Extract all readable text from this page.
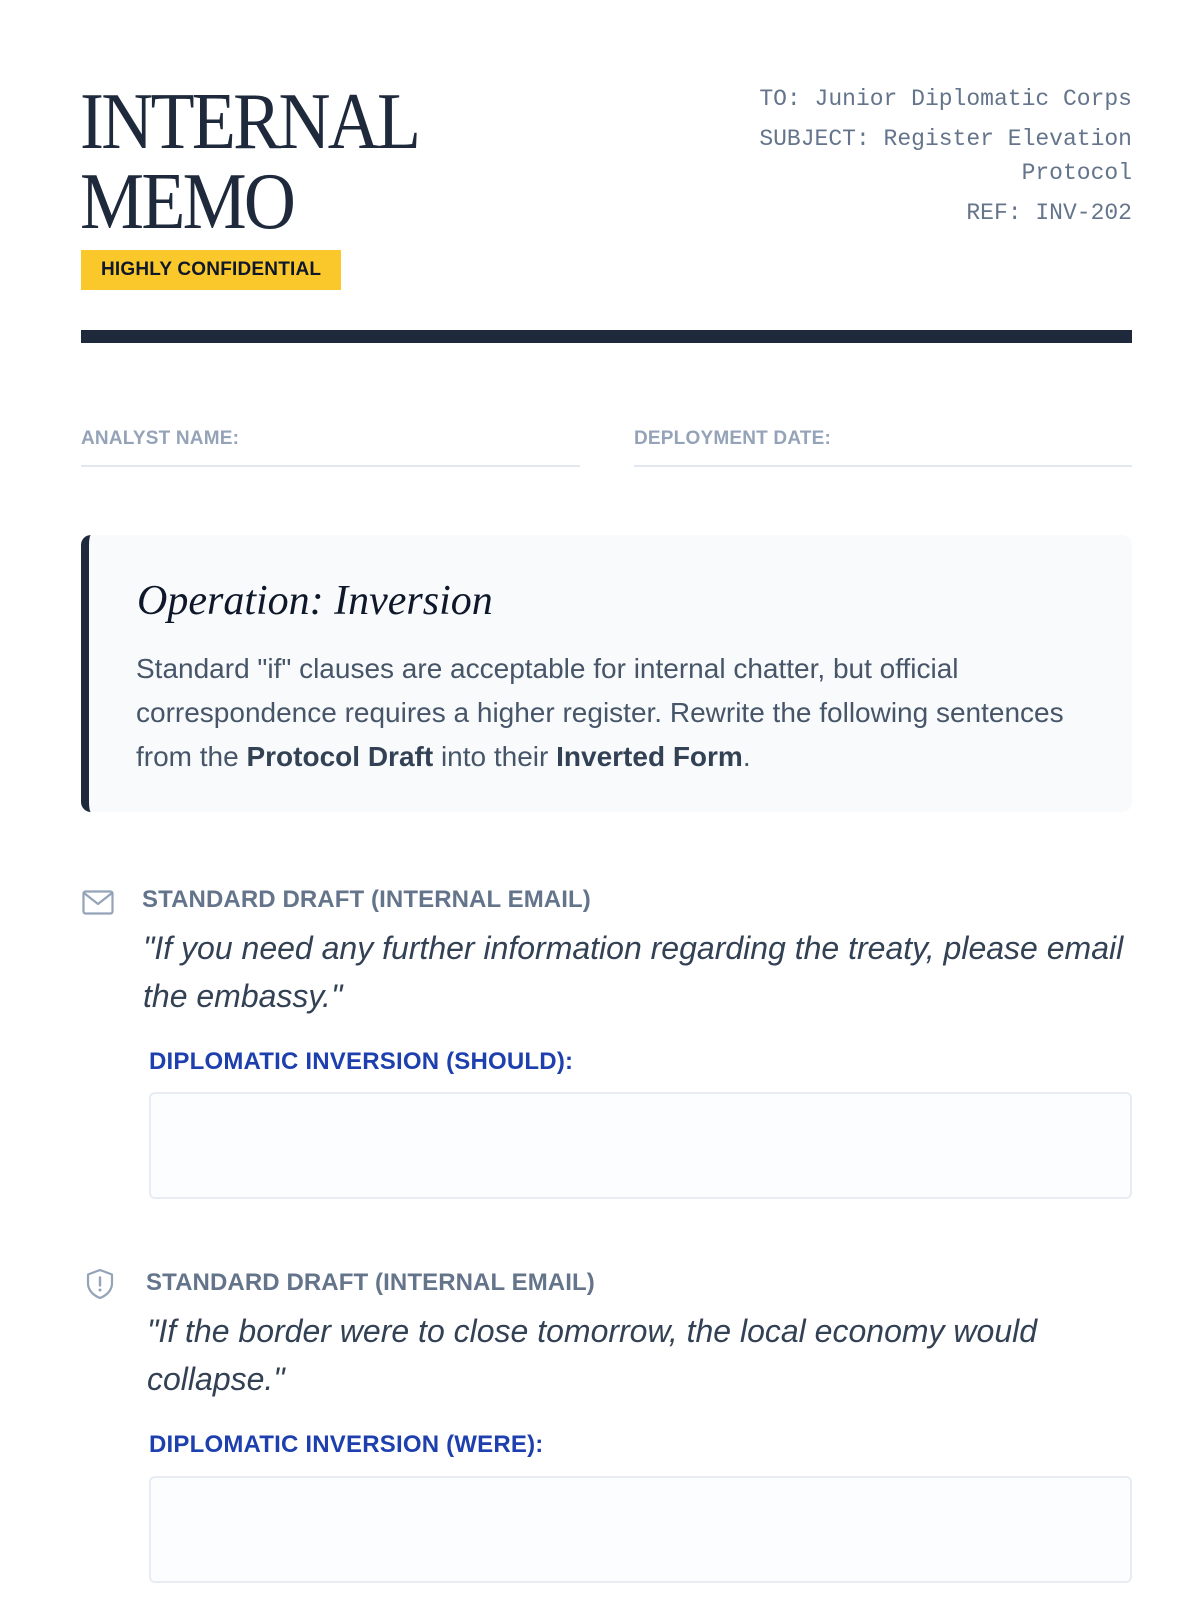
INTERNAL
MEMO
HIGHLY CONFIDENTIAL
TO: Junior Diplomatic Corps
SUBJECT: Register Elevation
Protocol
REF: INV-202
ANALYST NAME:	DEPLOYMENT DATE:
Operation: Inversion
Standard "if" clauses are acceptable for internal chatter, but official correspondence requires a higher register. Rewrite the following sentences from the Protocol Draft into their Inverted Form.
STANDARD DRAFT (INTERNAL EMAIL)
"If you need any further information regarding the treaty, please email the embassy."
DIPLOMATIC INVERSION (SHOULD):
STANDARD DRAFT (INTERNAL EMAIL)
"If the border were to close tomorrow, the local economy would collapse."
DIPLOMATIC INVERSION (WERE):
